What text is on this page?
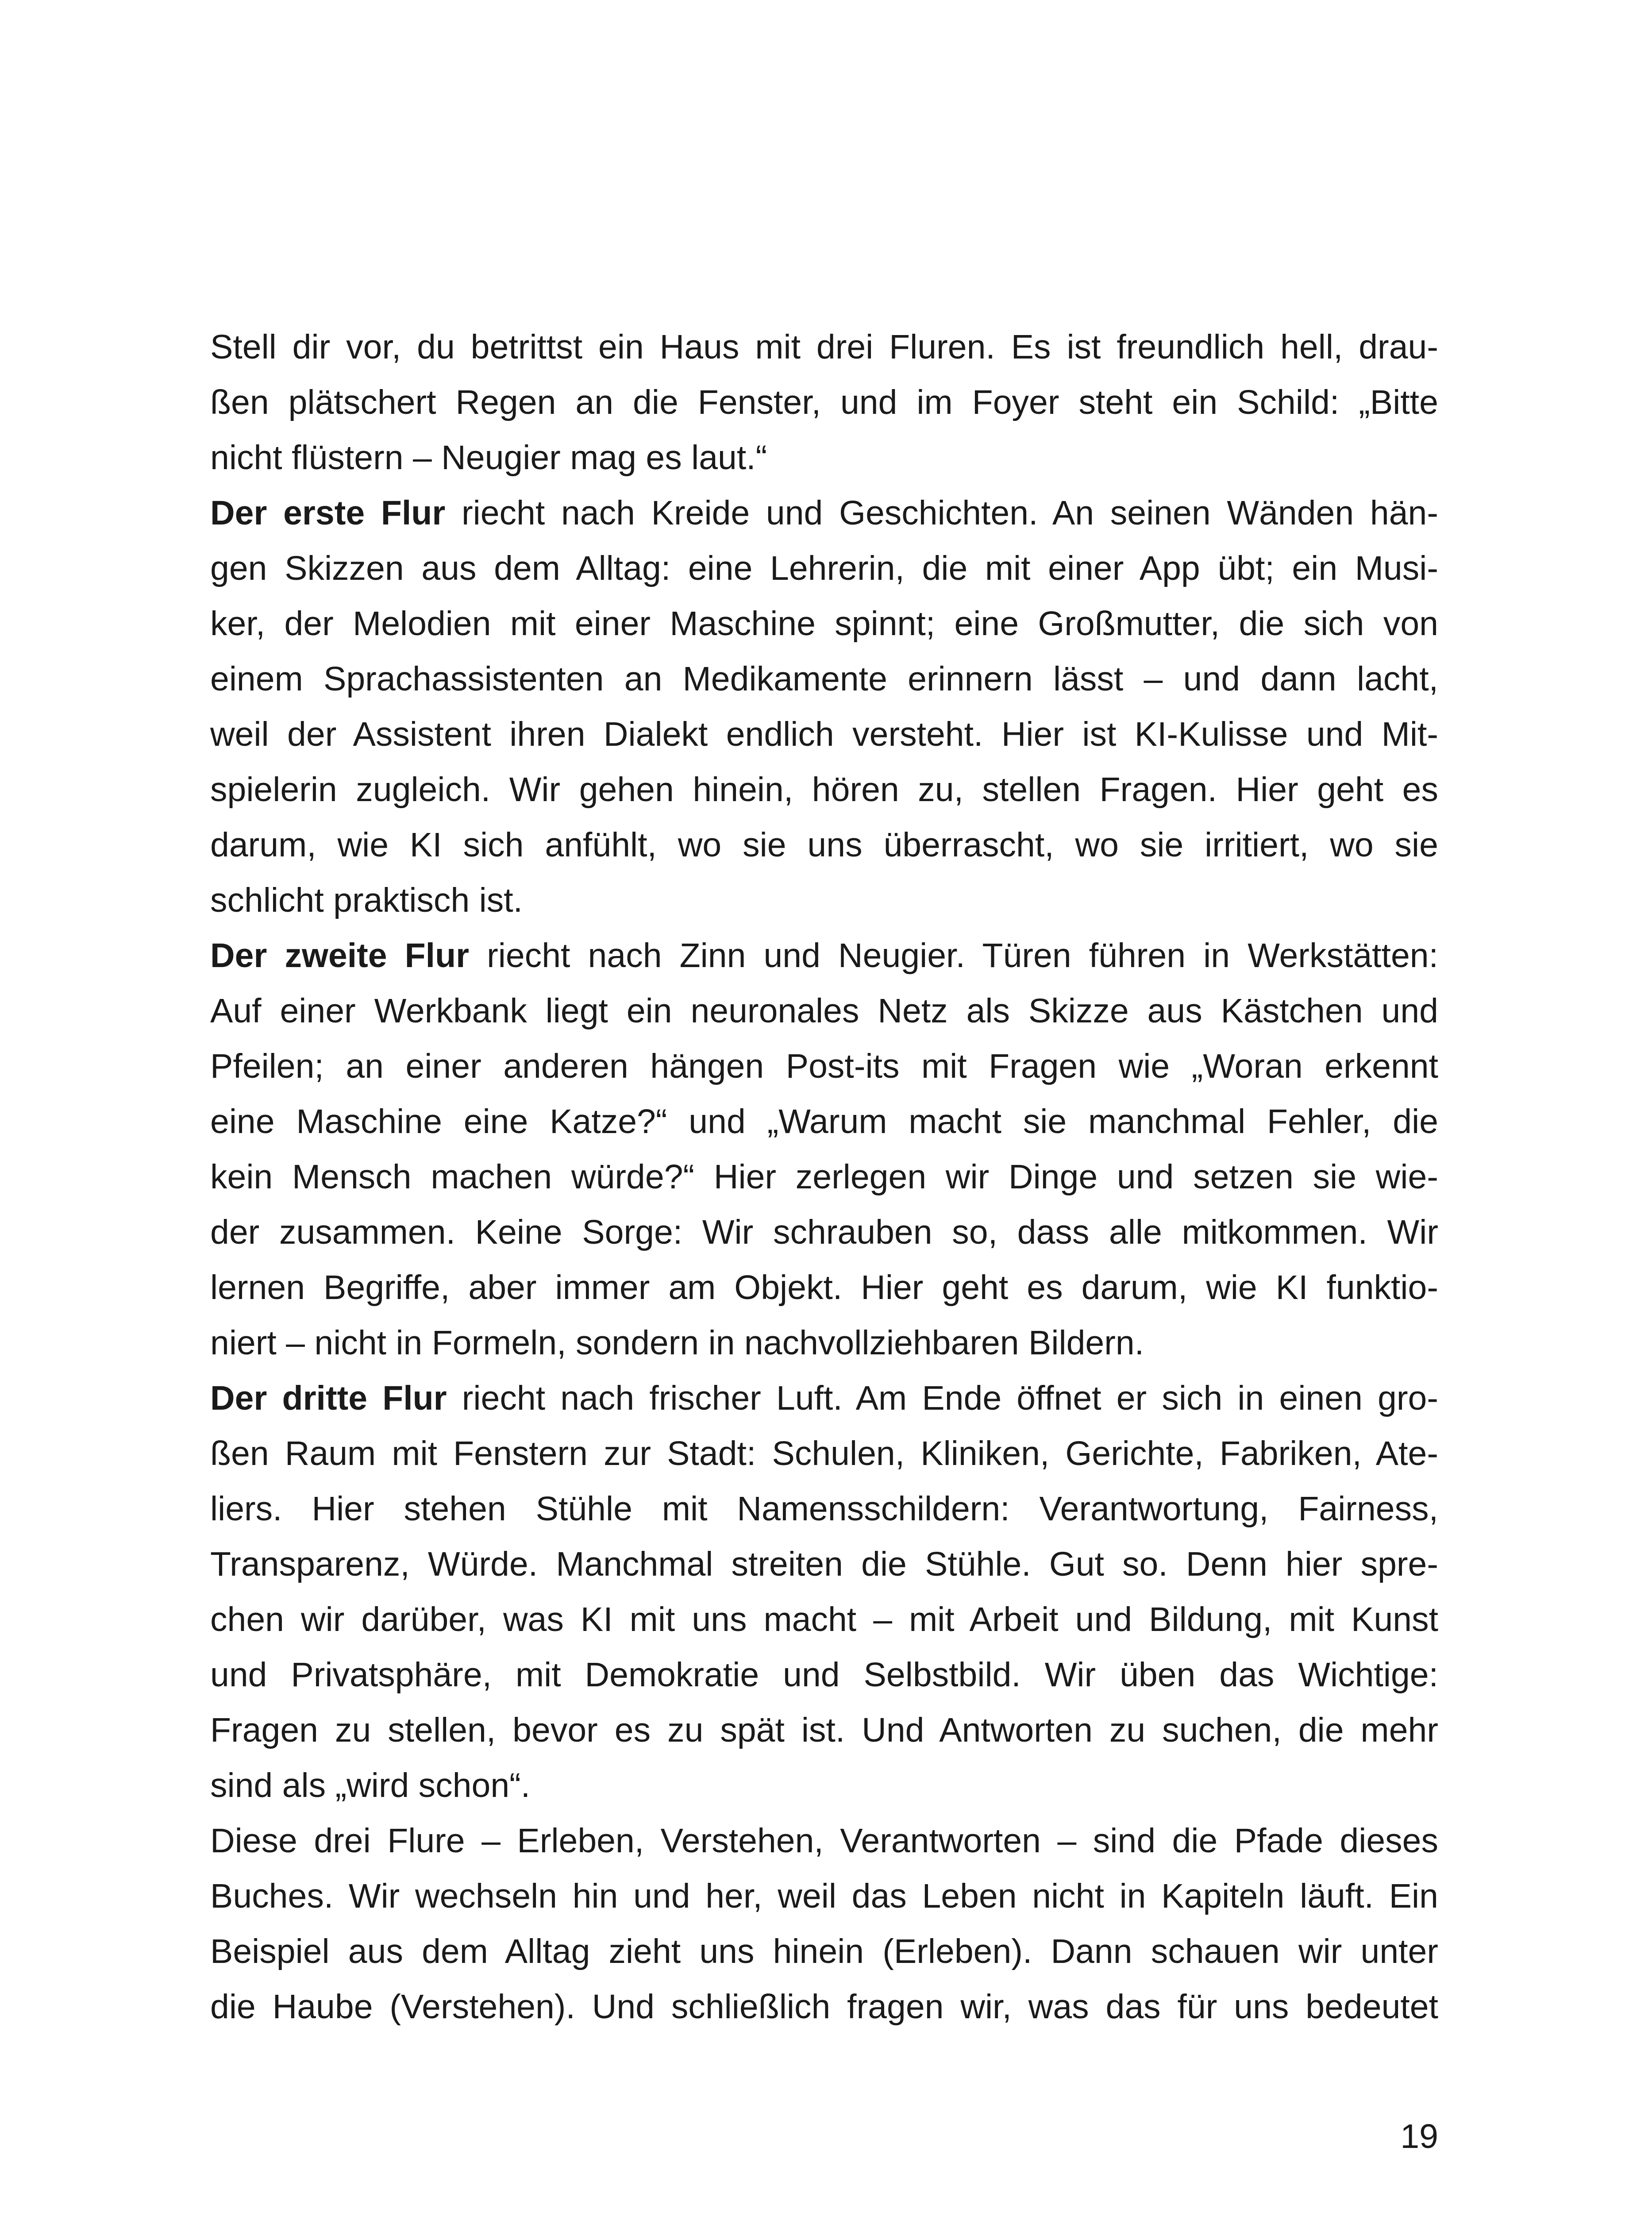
Stell dir vor, du betrittst ein Haus mit drei Fluren. Es ist freundlich hell, drau-
ßen plätschert Regen an die Fenster, und im Foyer steht ein Schild: „Bitte
nicht flüstern – Neugier mag es laut.“
Der erste Flur riecht nach Kreide und Geschichten. An seinen Wänden hän-
gen Skizzen aus dem Alltag: eine Lehrerin, die mit einer App übt; ein Musi-
ker, der Melodien mit einer Maschine spinnt; eine Großmutter, die sich von
einem Sprachassistenten an Medikamente erinnern lässt – und dann lacht,
weil der Assistent ihren Dialekt endlich versteht. Hier ist KI-Kulisse und Mit-
spielerin zugleich. Wir gehen hinein, hören zu, stellen Fragen. Hier geht es
darum, wie KI sich anfühlt, wo sie uns überrascht, wo sie irritiert, wo sie
schlicht praktisch ist.
Der zweite Flur riecht nach Zinn und Neugier. Türen führen in Werkstätten:
Auf einer Werkbank liegt ein neuronales Netz als Skizze aus Kästchen und
Pfeilen; an einer anderen hängen Post-its mit Fragen wie „Woran erkennt
eine Maschine eine Katze?“ und „Warum macht sie manchmal Fehler, die
kein Mensch machen würde?“ Hier zerlegen wir Dinge und setzen sie wie-
der zusammen. Keine Sorge: Wir schrauben so, dass alle mitkommen. Wir
lernen Begriffe, aber immer am Objekt. Hier geht es darum, wie KI funktio-
niert – nicht in Formeln, sondern in nachvollziehbaren Bildern.
Der dritte Flur riecht nach frischer Luft. Am Ende öffnet er sich in einen gro-
ßen Raum mit Fenstern zur Stadt: Schulen, Kliniken, Gerichte, Fabriken, Ate-
liers. Hier stehen Stühle mit Namensschildern: Verantwortung, Fairness,
Transparenz, Würde. Manchmal streiten die Stühle. Gut so. Denn hier spre-
chen wir darüber, was KI mit uns macht – mit Arbeit und Bildung, mit Kunst
und Privatsphäre, mit Demokratie und Selbstbild. Wir üben das Wichtige:
Fragen zu stellen, bevor es zu spät ist. Und Antworten zu suchen, die mehr
sind als „wird schon“.
Diese drei Flure – Erleben, Verstehen, Verantworten – sind die Pfade dieses
Buches. Wir wechseln hin und her, weil das Leben nicht in Kapiteln läuft. Ein
Beispiel aus dem Alltag zieht uns hinein (Erleben). Dann schauen wir unter
die Haube (Verstehen). Und schließlich fragen wir, was das für uns bedeutet
19
